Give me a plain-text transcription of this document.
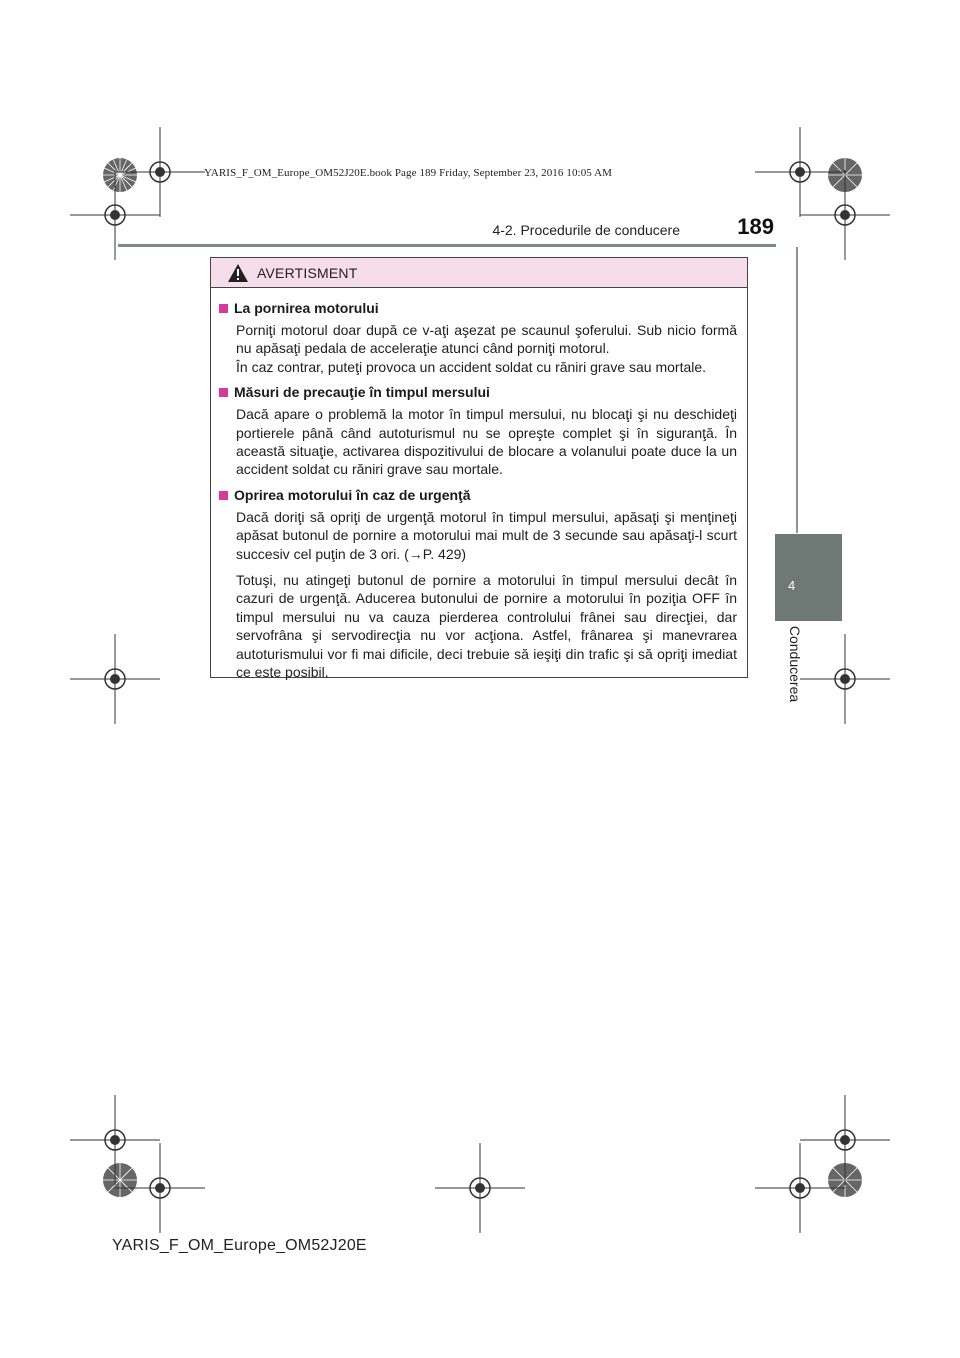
YARIS_F_OM_Europe_OM52J20E.book Page 189 Friday, September 23, 2016 10:05 AM
4-2. Procedurile de conducere	189
4
Conducerea
AVERTISMENT
La pornirea motorului

Porniţi motorul doar după ce v-aţi aşezat pe scaunul şoferului. Sub nicio formă nu apăsaţi pedala de acceleraţie atunci când porniţi motorul.

În caz contrar, puteţi provoca un accident soldat cu răniri grave sau mortale.

Măsuri de precauţie în timpul mersului

Dacă apare o problemă la motor în timpul mersului, nu blocaţi şi nu deschideţi portierele până când autoturismul nu se opreşte complet şi în siguranţă. În această situaţie, activarea dispozitivului de blocare a volanului poate duce la un accident soldat cu răniri grave sau mortale.

Oprirea motorului în caz de urgenţă

Dacă doriţi să opriţi de urgenţă motorul în timpul mersului, apăsaţi şi menţineţi apăsat butonul de pornire a motorului mai mult de 3 secunde sau apăsaţi-l scurt succesiv cel puţin de 3 ori. (→P. 429)

Totuşi, nu atingeţi butonul de pornire a motorului în timpul mersului decât în cazuri de urgenţă. Aducerea butonului de pornire a motorului în poziţia OFF în timpul mersului nu va cauza pierderea controlului frânei sau direcţiei, dar servofrâna şi servodirecţia nu vor acţiona. Astfel, frânarea şi manevrarea autoturismului vor fi mai dificile, deci trebuie să ieşiţi din trafic şi să opriţi imediat ce este posibil.

YARIS_F_OM_Europe_OM52J20E
